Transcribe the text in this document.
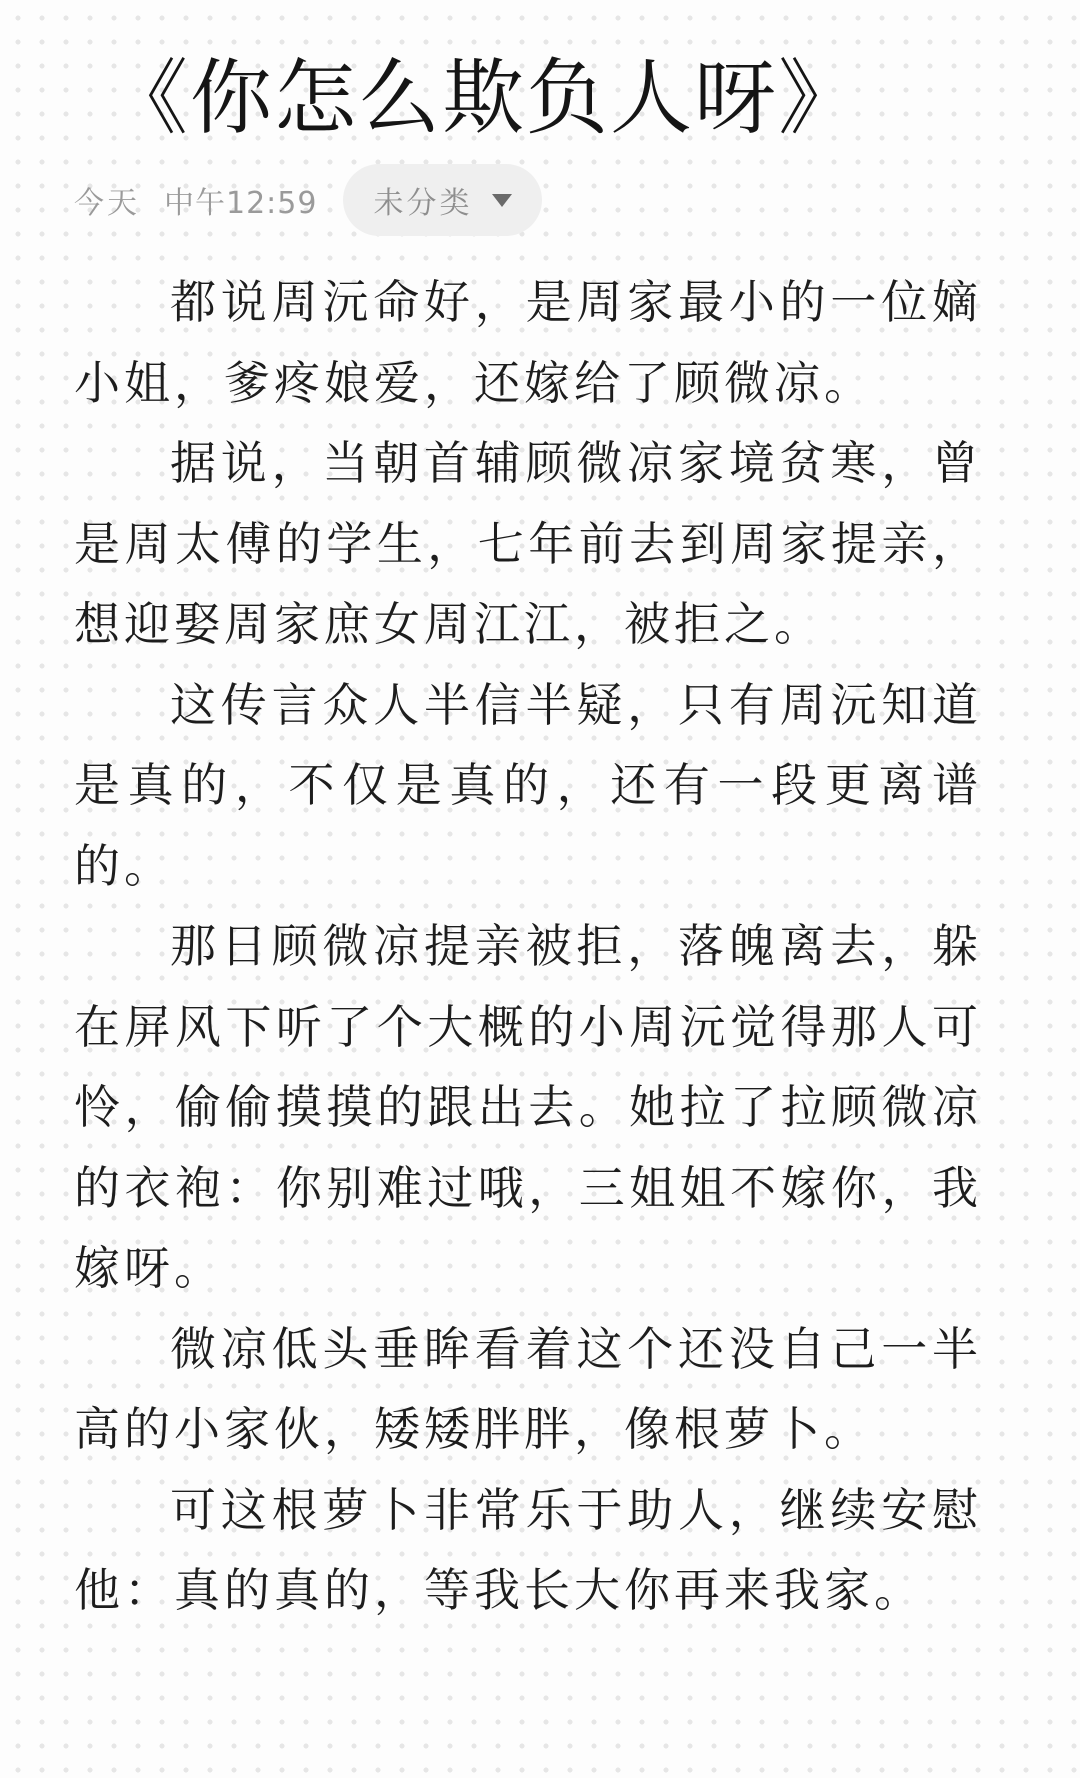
《你怎么欺负人呀》
今天 中午12:59 未分类

都说周沅命好，是周家最小的一位嫡小姐，爹疼娘爱，还嫁给了顾微凉。

据说，当朝首辅顾微凉家境贫寒，曾是周太傅的学生，七年前去到周家提亲，想迎娶周家庶女周江江，被拒之。

这传言众人半信半疑，只有周沅知道是真的，不仅是真的，还有一段更离谱的。

那日顾微凉提亲被拒，落魄离去，躲在屏风下听了个大概的小周沅觉得那人可怜，偷偷摸摸的跟出去。她拉了拉顾微凉的衣袍：你别难过哦，三姐姐不嫁你，我嫁呀。

微凉低头垂眸看着这个还没自己一半高的小家伙，矮矮胖胖，像根萝卜。

可这根萝卜非常乐于助人，继续安慰他：真的真的，等我长大你再来我家。
